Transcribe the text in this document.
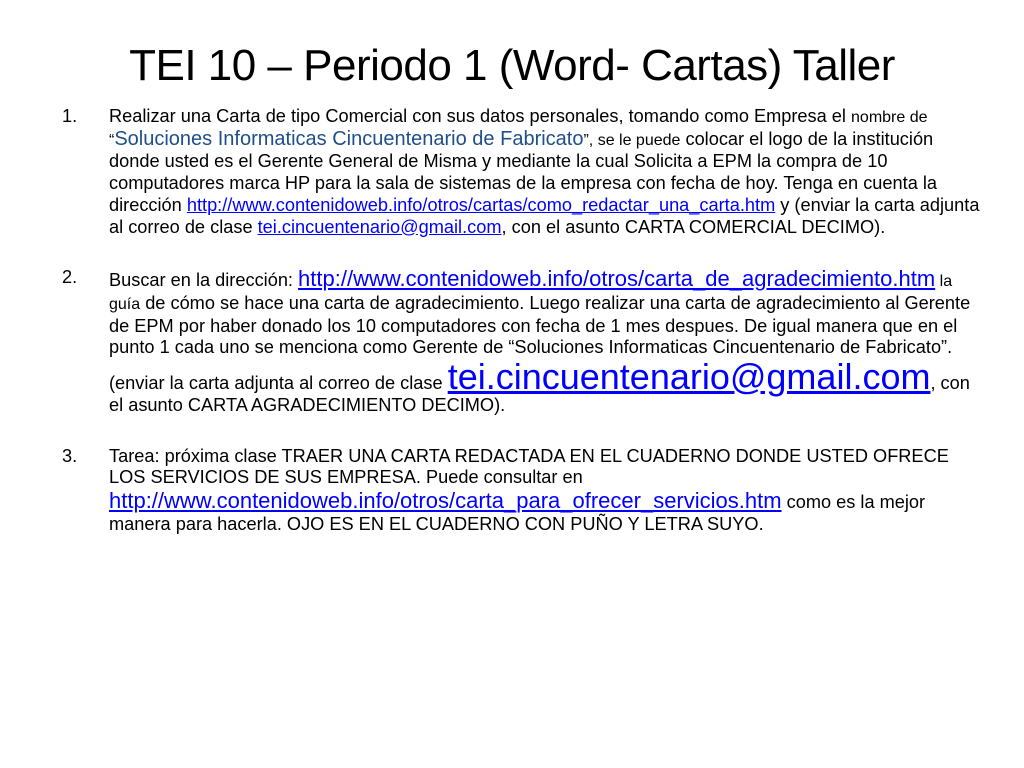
TEI 10 – Periodo 1 (Word- Cartas) Taller
1.	Realizar una Carta de tipo Comercial con sus datos personales, tomando como Empresa el nombre de “Soluciones Informaticas Cincuentenario de Fabricato”, se le puede colocar el logo de la institución donde usted es el Gerente General de Misma y mediante la cual Solicita a EPM la compra de 10 computadores marca HP para la sala de sistemas de la empresa con fecha de hoy. Tenga en cuenta la dirección http://www.contenidoweb.info/otros/cartas/como_redactar_una_carta.htm y (enviar la carta adjunta al correo de clase tei.cincuentenario@gmail.com, con el asunto CARTA COMERCIAL DECIMO).
2.	Buscar en la dirección: http://www.contenidoweb.info/otros/carta_de_agradecimiento.htm la guía de cómo se hace una carta de agradecimiento. Luego realizar una carta de agradecimiento al Gerente de EPM por haber donado los 10 computadores con fecha de 1 mes despues. De igual manera que en el punto 1 cada uno se menciona como Gerente de “Soluciones Informaticas Cincuentenario de Fabricato”. (enviar la carta adjunta al correo de clase tei.cincuentenario@gmail.com, con el asunto CARTA AGRADECIMIENTO DECIMO).
3.	Tarea: próxima clase TRAER UNA CARTA REDACTADA EN EL CUADERNO DONDE USTED OFRECE LOS SERVICIOS DE SUS EMPRESA. Puede consultar en http://www.contenidoweb.info/otros/carta_para_ofrecer_servicios.htm como es la mejor manera para hacerla. OJO ES EN EL CUADERNO CON PUÑO Y LETRA SUYO.
